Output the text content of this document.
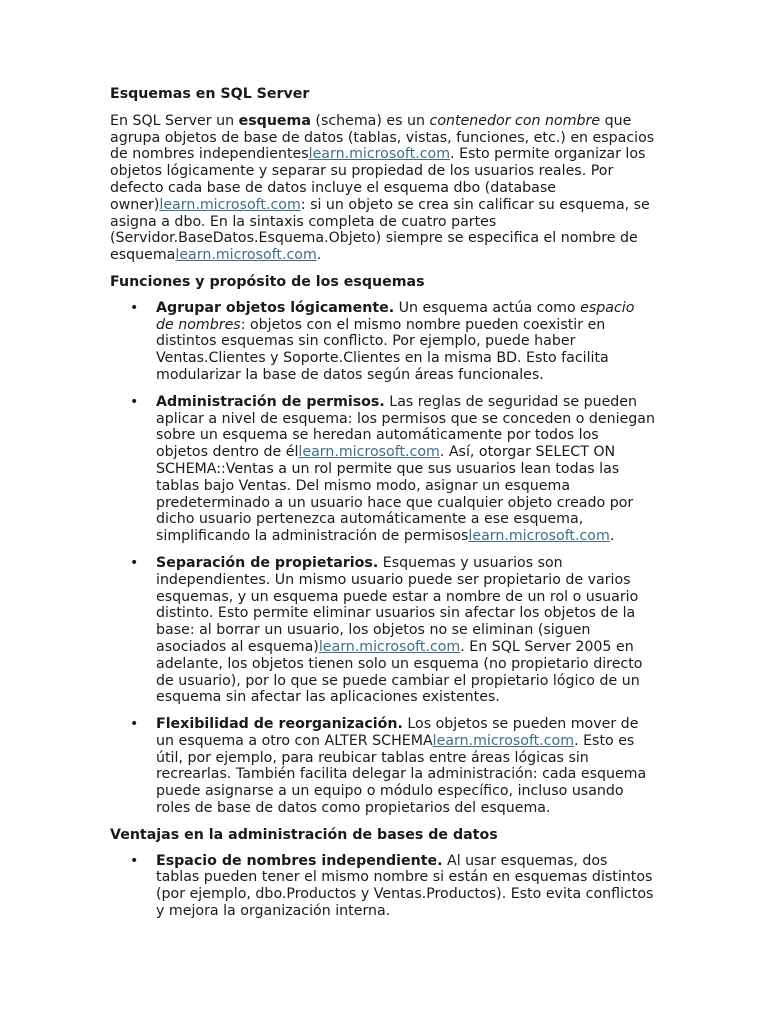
Esquemas en SQL Server

En SQL Server un esquema (schema) es un contenedor con nombre que agrupa objetos de base de datos (tablas, vistas, funciones, etc.) en espacios de nombres independienteslearn.microsoft.com. Esto permite organizar los objetos lógicamente y separar su propiedad de los usuarios reales. Por defecto cada base de datos incluye el esquema dbo (database owner)learn.microsoft.com: si un objeto se crea sin calificar su esquema, se asigna a dbo. En la sintaxis completa de cuatro partes (Servidor.BaseDatos.Esquema.Objeto) siempre se especifica el nombre de esquemalearn.microsoft.com.

Funciones y propósito de los esquemas
• Agrupar objetos lógicamente. Un esquema actúa como espacio de nombres: objetos con el mismo nombre pueden coexistir en distintos esquemas sin conflicto. Por ejemplo, puede haber Ventas.Clientes y Soporte.Clientes en la misma BD. Esto facilita modularizar la base de datos según áreas funcionales.
• Administración de permisos. Las reglas de seguridad se pueden aplicar a nivel de esquema: los permisos que se conceden o deniegan sobre un esquema se heredan automáticamente por todos los objetos dentro de éllearn.microsoft.com. Así, otorgar SELECT ON SCHEMA::Ventas a un rol permite que sus usuarios lean todas las tablas bajo Ventas. Del mismo modo, asignar un esquema predeterminado a un usuario hace que cualquier objeto creado por dicho usuario pertenezca automáticamente a ese esquema, simplificando la administración de permisoslearn.microsoft.com.
• Separación de propietarios. Esquemas y usuarios son independientes. Un mismo usuario puede ser propietario de varios esquemas, y un esquema puede estar a nombre de un rol o usuario distinto. Esto permite eliminar usuarios sin afectar los objetos de la base: al borrar un usuario, los objetos no se eliminan (siguen asociados al esquema)learn.microsoft.com. En SQL Server 2005 en adelante, los objetos tienen solo un esquema (no propietario directo de usuario), por lo que se puede cambiar el propietario lógico de un esquema sin afectar las aplicaciones existentes.
• Flexibilidad de reorganización. Los objetos se pueden mover de un esquema a otro con ALTER SCHEMAlearn.microsoft.com. Esto es útil, por ejemplo, para reubicar tablas entre áreas lógicas sin recrearlas. También facilita delegar la administración: cada esquema puede asignarse a un equipo o módulo específico, incluso usando roles de base de datos como propietarios del esquema.
Ventajas en la administración de bases de datos
• Espacio de nombres independiente. Al usar esquemas, dos tablas pueden tener el mismo nombre si están en esquemas distintos (por ejemplo, dbo.Productos y Ventas.Productos). Esto evita conflictos y mejora la organización interna.
